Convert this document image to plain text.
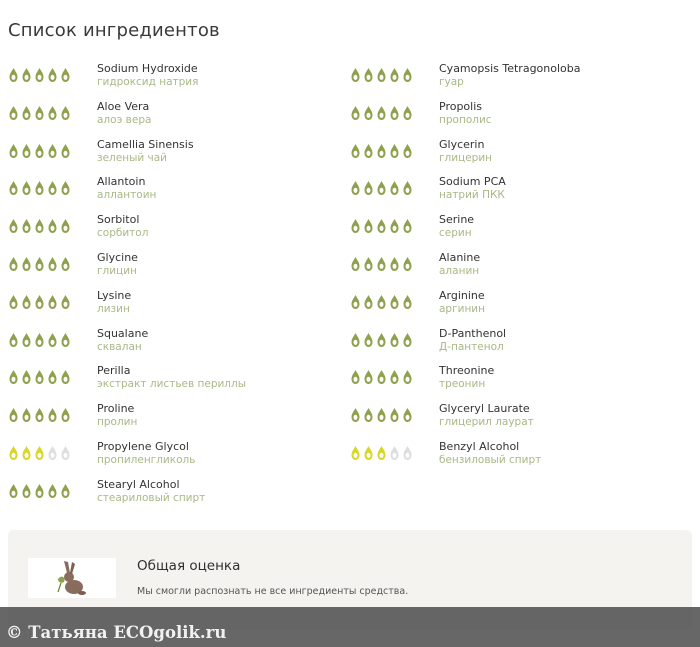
Список ингредиентов
Sodium Hydroxide
гидроксид натрия
Aloe Vera
алоэ вера
Camellia Sinensis
зеленый чай
Allantoin
аллантоин
Sorbitol
сорбитол
Glycine
глицин
Lysine
лизин
Squalane
сквалан
Perilla
экстракт листьев периллы
Proline
пролин
Propylene Glycol
пропиленгликоль
Stearyl Alcohol
стеариловый спирт
Cyamopsis Tetragonoloba
гуар
Propolis
прополис
Glycerin
глицерин
Sodium PCA
натрий ПКК
Serine
серин
Alanine
аланин
Arginine
аргинин
D-Panthenol
Д-пантенол
Threonine
треонин
Glyceryl Laurate
глицерил лаурат
Benzyl Alcohol
бензиловый спирт
Общая оценка
Мы смогли распознать не все ингредиенты средства.
© Татьяна ECOgolik.ru
